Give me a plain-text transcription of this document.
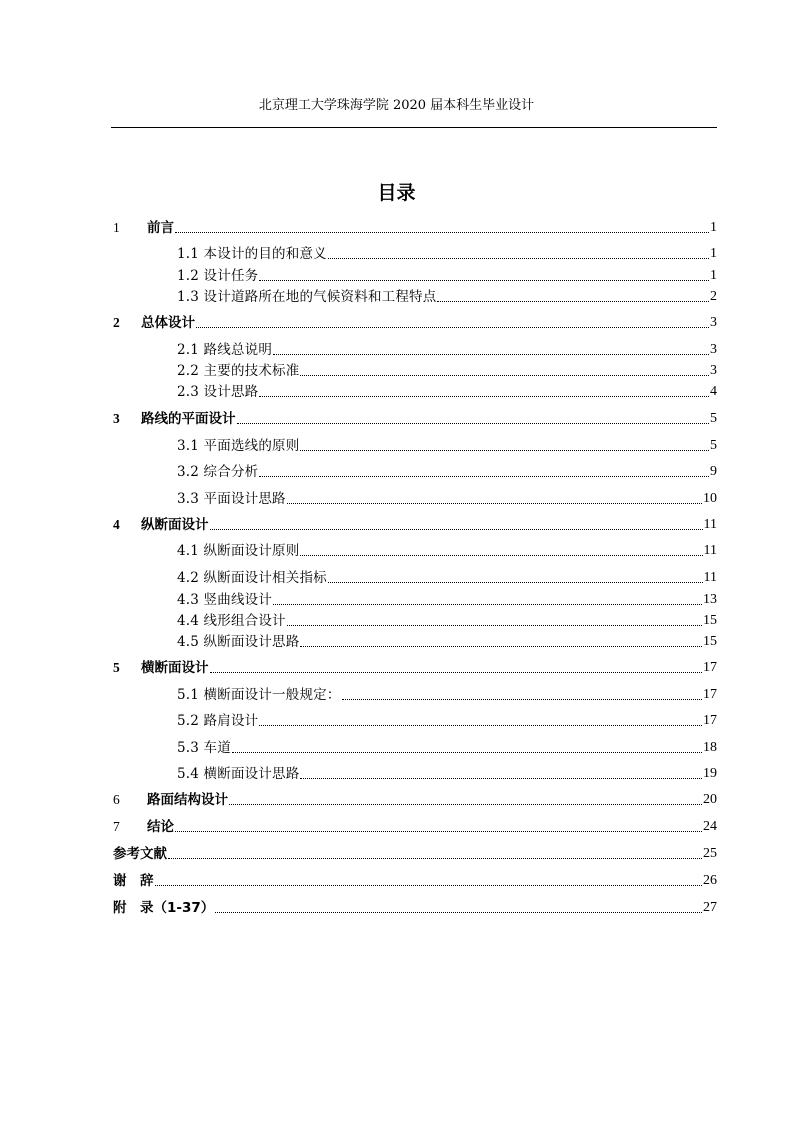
北京理工大学珠海学院 2020 届本科生毕业设计
目录
1	前言	1
1.1 本设计的目的和意义	1
1.2 设计任务	1
1.3 设计道路所在地的气候资料和工程特点	2
2	总体设计	3
2.1 路线总说明	3
2.2 主要的技术标准	3
2.3 设计思路	4
3	路线的平面设计	5
3.1 平面选线的原则	5
3.2 综合分析	9
3.3 平面设计思路	10
4	纵断面设计	11
4.1 纵断面设计原则	11
4.2 纵断面设计相关指标	11
4.3 竖曲线设计	13
4.4 线形组合设计	15
4.5 纵断面设计思路	15
5	横断面设计	17
5.1 横断面设计一般规定：	17
5.2 路肩设计	17
5.3 车道	18
5.4 横断面设计思路	19
6	路面结构设计	20
7	结论	24
参考文献	25
谢　辞	26
附　录（1-37）	27
